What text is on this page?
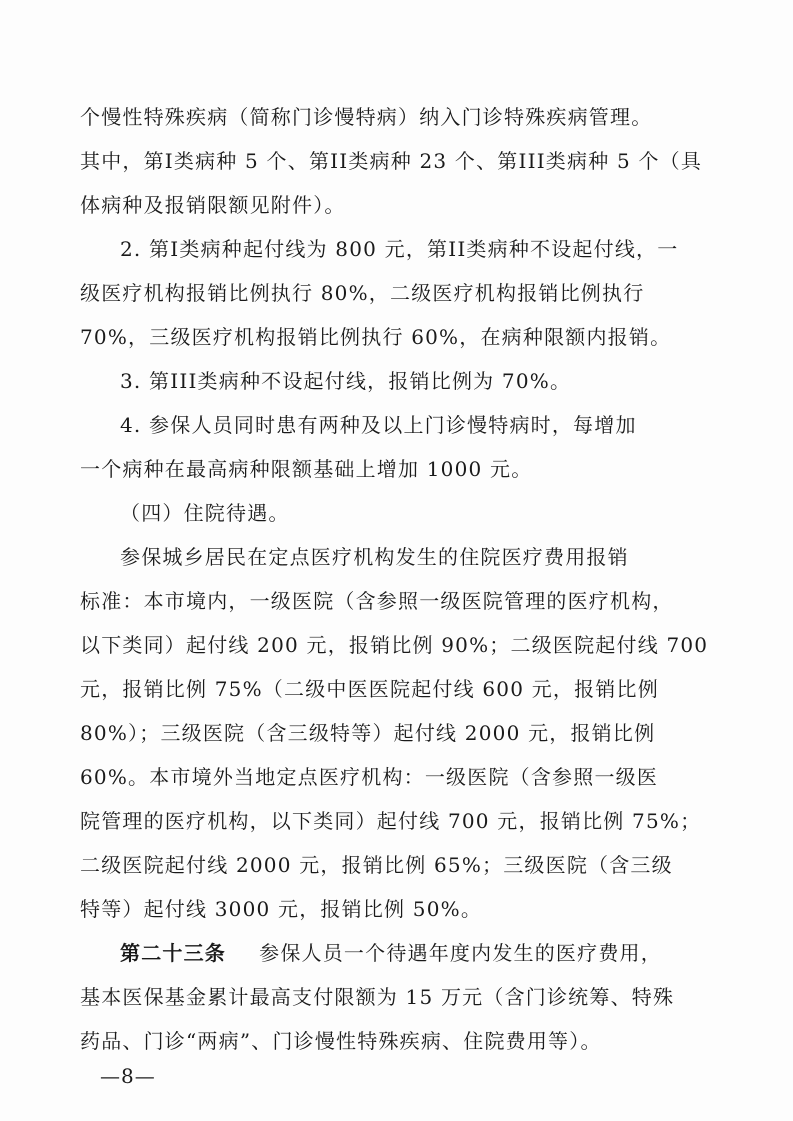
个慢性特殊疾病（简称门诊慢特病）纳入门诊特殊疾病管理。
其中，第I类病种 5 个、第II类病种 23 个、第III类病种 5 个（具
体病种及报销限额见附件）。
2. 第I类病种起付线为 800 元，第II类病种不设起付线，一
级医疗机构报销比例执行 80%，二级医疗机构报销比例执行
70%，三级医疗机构报销比例执行 60%，在病种限额内报销。
3. 第III类病种不设起付线，报销比例为 70%。
4. 参保人员同时患有两种及以上门诊慢特病时，每增加
一个病种在最高病种限额基础上增加 1000 元。
（四）住院待遇。
参保城乡居民在定点医疗机构发生的住院医疗费用报销
标准：本市境内，一级医院（含参照一级医院管理的医疗机构，
以下类同）起付线 200 元，报销比例 90%；二级医院起付线 700
元，报销比例 75%（二级中医医院起付线 600 元，报销比例
80%）；三级医院（含三级特等）起付线 2000 元，报销比例
60%。本市境外当地定点医疗机构：一级医院（含参照一级医
院管理的医疗机构，以下类同）起付线 700 元，报销比例 75%；
二级医院起付线 2000 元，报销比例 65%；三级医院（含三级
特等）起付线 3000 元，报销比例 50%。
第二十三条 参保人员一个待遇年度内发生的医疗费用，
基本医保基金累计最高支付限额为 15 万元（含门诊统筹、特殊
药品、门诊“两病”、门诊慢性特殊疾病、住院费用等）。
—8—
